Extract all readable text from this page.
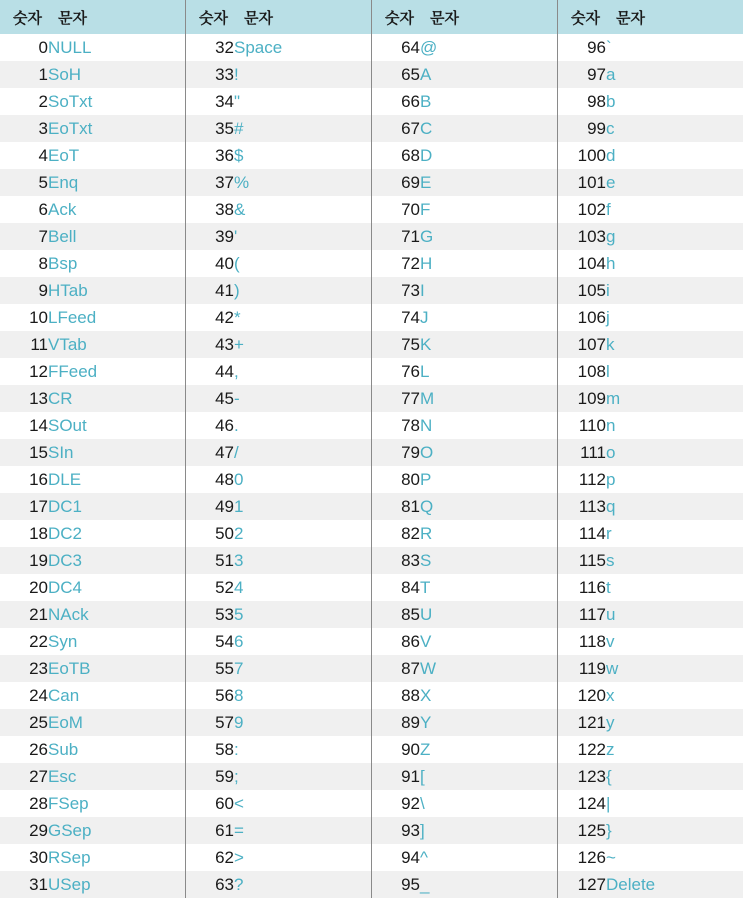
숫자	문자		숫자	문자		숫자	문자		숫자	문자
0	NULL		32	Space		64	@		96	`
1	SoH		33	!		65	A		97	a
2	SoTxt		34	"		66	B		98	b
3	EoTxt		35	#		67	C		99	c
4	EoT		36	$		68	D		100	d
5	Enq		37	%		69	E		101	e
6	Ack		38	&		70	F		102	f
7	Bell		39	'		71	G		103	g
8	Bsp		40	(		72	H		104	h
9	HTab		41	)		73	I		105	i
10	LFeed		42	*		74	J		106	j
11	VTab		43	+		75	K		107	k
12	FFeed		44	,		76	L		108	l
13	CR		45	-		77	M		109	m
14	SOut		46	.		78	N		110	n
15	SIn		47	/		79	O		111	o
16	DLE		48	0		80	P		112	p
17	DC1		49	1		81	Q		113	q
18	DC2		50	2		82	R		114	r
19	DC3		51	3		83	S		115	s
20	DC4		52	4		84	T		116	t
21	NAck		53	5		85	U		117	u
22	Syn		54	6		86	V		118	v
23	EoTB		55	7		87	W		119	w
24	Can		56	8		88	X		120	x
25	EoM		57	9		89	Y		121	y
26	Sub		58	:		90	Z		122	z
27	Esc		59	;		91	[		123	{
28	FSep		60	<		92	\		124	|
29	GSep		61	=		93	]		125	}
30	RSep		62	>		94	^		126	~
31	USep		63	?		95	_		127	Delete
